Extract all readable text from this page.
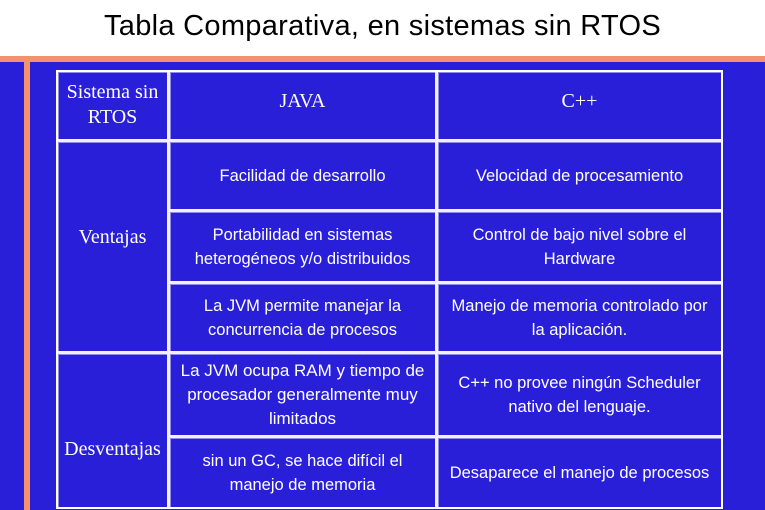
Tabla Comparativa, en sistemas sin RTOS
Sistema sin RTOS	JAVA	C++
Ventajas	Facilidad de desarrollo	Velocidad de procesamiento
	Portabilidad en sistemas heterogéneos y/o distribuidos	Control de bajo nivel sobre el Hardware
	La JVM permite manejar la concurrencia de procesos	Manejo de memoria controlado por la aplicación.
Desventajas	La JVM ocupa RAM y tiempo de procesador generalmente muy limitados	C++ no provee ningún Scheduler nativo del lenguaje.
	sin un GC, se hace difícil el manejo de memoria	Desaparece el manejo de procesos
